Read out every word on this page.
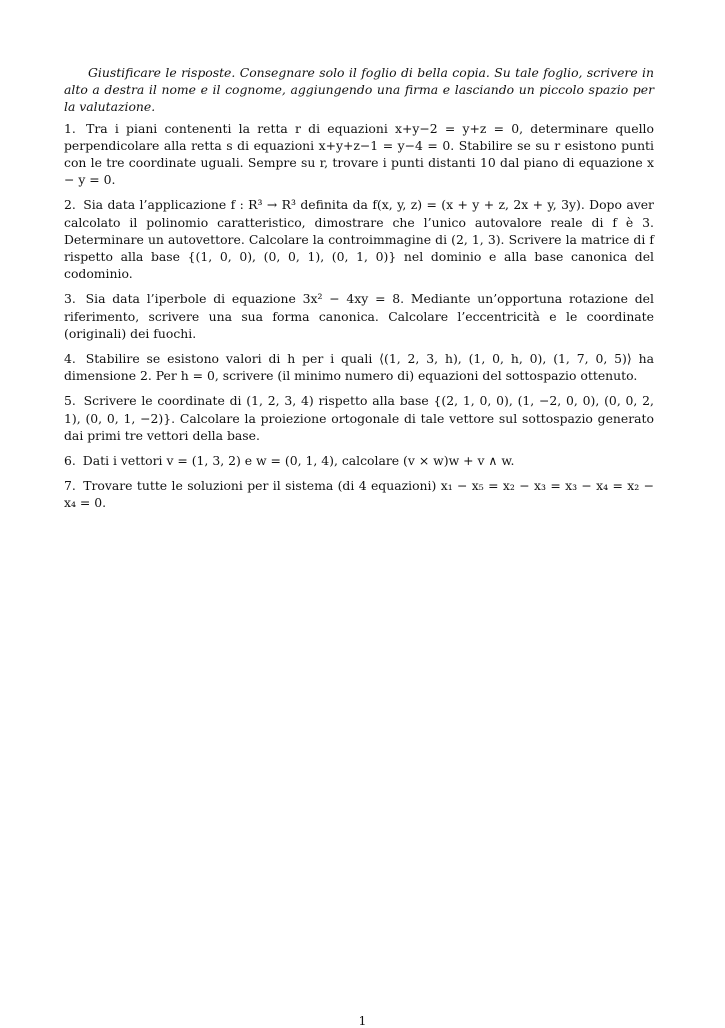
Giustificare le risposte. Consegnare solo il foglio di bella copia. Su tale foglio, scrivere in alto a destra il nome e il cognome, aggiungendo una firma e lasciando un piccolo spazio per la valutazione.

1. Tra i piani contenenti la retta r di equazioni x+y−2 = y+z = 0, determinare quello perpendicolare alla retta s di equazioni x+y+z−1 = y−4 = 0. Stabilire se su r esistono punti con le tre coordinate uguali. Sempre su r, trovare i punti distanti 10 dal piano di equazione x − y = 0.

2. Sia data l’applicazione f : R³ → R³ definita da f(x, y, z) = (x + y + z, 2x + y, 3y). Dopo aver calcolato il polinomio caratteristico, dimostrare che l’unico autovalore reale di f è 3. Determinare un autovettore. Calcolare la controimmagine di (2, 1, 3). Scrivere la matrice di f rispetto alla base {(1, 0, 0), (0, 0, 1), (0, 1, 0)} nel dominio e alla base canonica del codominio.

3. Sia data l’iperbole di equazione 3x² − 4xy = 8. Mediante un’opportuna rotazione del riferimento, scrivere una sua forma canonica. Calcolare l’eccentricità e le coordinate (originali) dei fuochi.

4. Stabilire se esistono valori di h per i quali ⟨(1, 2, 3, h), (1, 0, h, 0), (1, 7, 0, 5)⟩ ha dimensione 2. Per h = 0, scrivere (il minimo numero di) equazioni del sottospazio ottenuto.

5. Scrivere le coordinate di (1, 2, 3, 4) rispetto alla base {(2, 1, 0, 0), (1, −2, 0, 0), (0, 0, 2, 1), (0, 0, 1, −2)}. Calcolare la proiezione ortogonale di tale vettore sul sottospazio generato dai primi tre vettori della base.

6. Dati i vettori v = (1, 3, 2) e w = (0, 1, 4), calcolare (v × w)w + v ∧ w.

7. Trovare tutte le soluzioni per il sistema (di 4 equazioni) x₁ − x₅ = x₂ − x₃ = x₃ − x₄ = x₂ − x₄ = 0.

1
